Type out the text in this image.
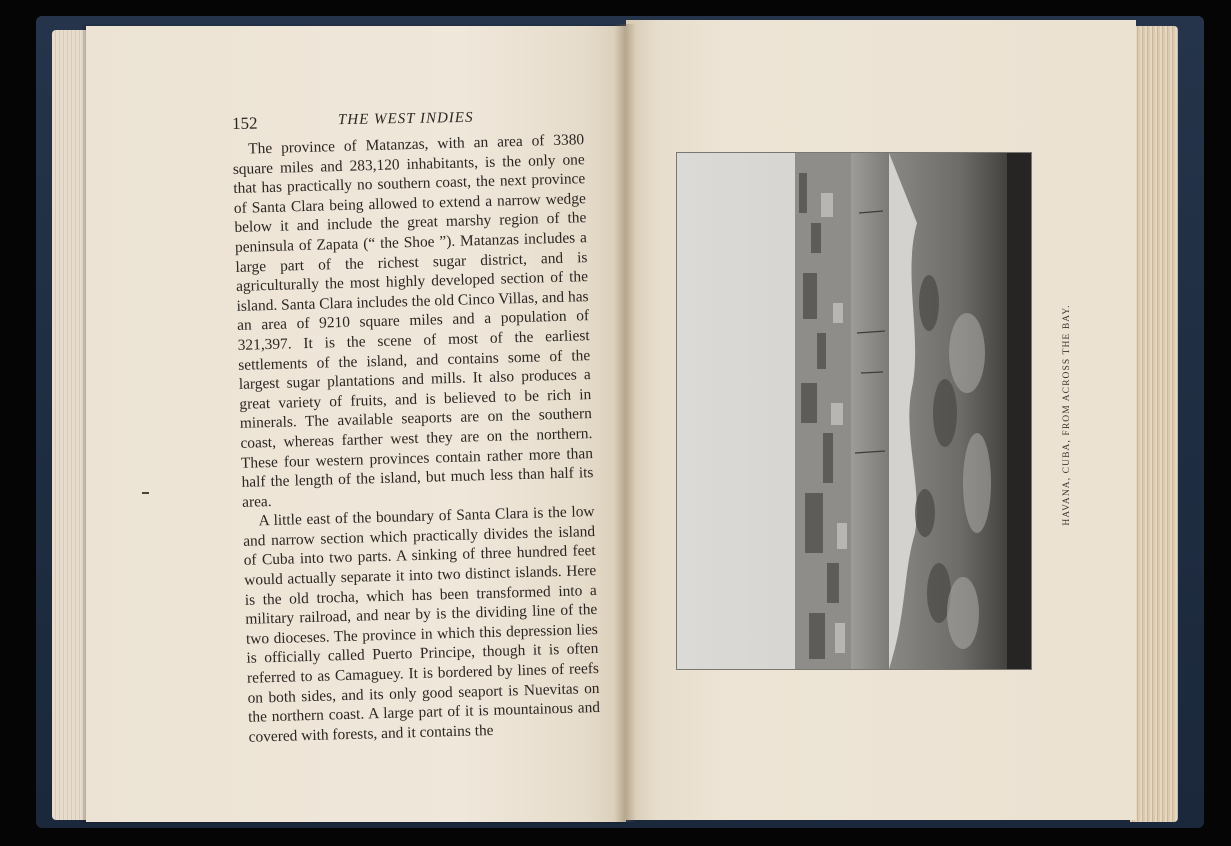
152	THE WEST INDIES

The province of Matanzas, with an area of 3380 square miles and 283,120 inhabitants, is the only one that has practically no southern coast, the next province of Santa Clara being allowed to extend a narrow wedge below it and include the great marshy region of the peninsula of Zapata (“ the Shoe ”). Matanzas includes a large part of the richest sugar district, and is agriculturally the most highly developed section of the island. Santa Clara includes the old Cinco Villas, and has an area of 9210 square miles and a population of 321,397. It is the scene of most of the earliest settlements of the island, and contains some of the largest sugar plantations and mills. It also produces a great variety of fruits, and is believed to be rich in minerals. The available seaports are on the southern coast, whereas farther west they are on the northern. These four western provinces contain rather more than half the length of the island, but much less than half its area.

A little east of the boundary of Santa Clara is the low and narrow section which practically divides the island of Cuba into two parts. A sinking of three hundred feet would actually separate it into two distinct islands. Here is the old trocha, which has been transformed into a military railroad, and near by is the dividing line of the two dioceses. The province in which this depression lies is officially called Puerto Principe, though it is often referred to as Camaguey. It is bordered by lines of reefs on both sides, and its only good seaport is Nuevitas on the northern coast. A large part of it is mountainous and covered with forests, and it contains the

HAVANA, CUBA, FROM ACROSS THE BAY.
